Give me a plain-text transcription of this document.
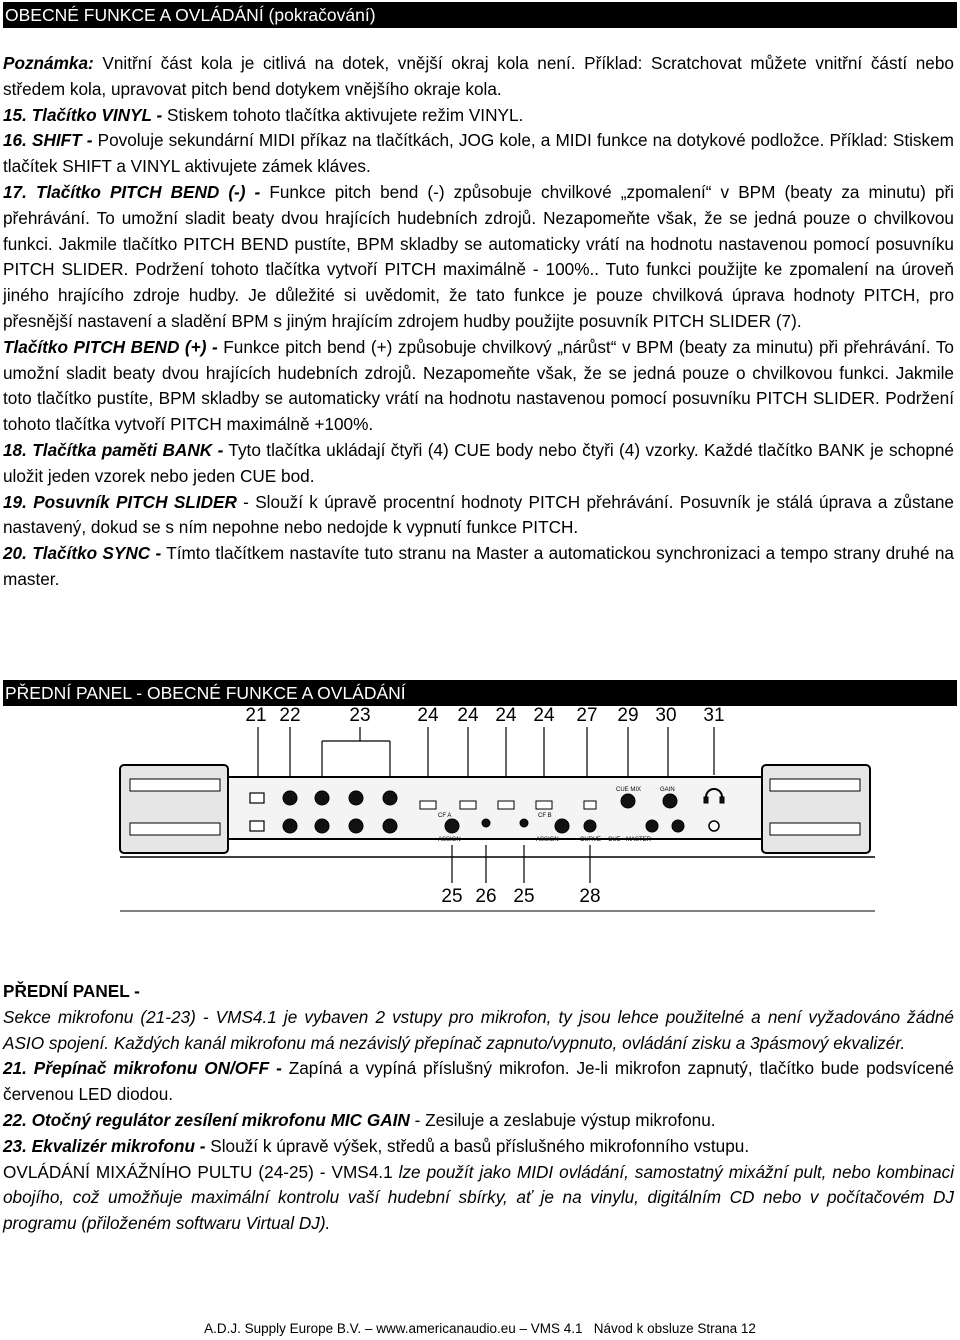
OBECNÉ FUNKCE A OVLÁDÁNÍ (pokračování)

Poznámka: Vnitřní část kola je citlivá na dotek, vnější okraj kola není. Příklad: Scratchovat můžete vnitřní částí nebo středem kola, upravovat pitch bend dotykem vnějšího okraje kola.

15. Tlačítko VINYL - Stiskem tohoto tlačítka aktivujete režim VINYL.

16. SHIFT - Povoluje sekundární MIDI příkaz na tlačítkách, JOG kole, a MIDI funkce na dotykové podložce. Příklad: Stiskem tlačítek SHIFT a VINYL aktivujete zámek kláves.

17. Tlačítko PITCH BEND (-) - Funkce pitch bend (-) způsobuje chvilkové „zpomalení“ v BPM (beaty za minutu) při přehrávání. To umožní sladit beaty dvou hrajících hudebních zdrojů. Nezapomeňte však, že se jedná pouze o chvilkovou funkci. Jakmile tlačítko PITCH BEND pustíte, BPM skladby se automaticky vrátí na hodnotu nastavenou pomocí posuvníku PITCH SLIDER. Podržení tohoto tlačítka vytvoří PITCH maximálně - 100%.. Tuto funkci použijte ke zpomalení na úroveň jiného hrajícího zdroje hudby. Je důležité si uvědomit, že tato funkce je pouze chvilková úprava hodnoty PITCH, pro přesnější nastavení a sladění BPM s jiným hrajícím zdrojem hudby použijte posuvník PITCH SLIDER (7).

Tlačítko PITCH BEND (+) - Funkce pitch bend (+) způsobuje chvilkový „nárůst“ v BPM (beaty za minutu) při přehrávání. To umožní sladit beaty dvou hrajících hudebních zdrojů. Nezapomeňte však, že se jedná pouze o chvilkovou funkci. Jakmile toto tlačítko pustíte, BPM skladby se automaticky vrátí na hodnotu nastavenou pomocí posuvníku PITCH SLIDER. Podržení tohoto tlačítka vytvoří PITCH maximálně +100%.

18. Tlačítka paměti BANK - Tyto tlačítka ukládají čtyři (4) CUE body nebo čtyři (4) vzorky. Každé tlačítko BANK je schopné uložit jeden vzorek nebo jeden CUE bod.

19. Posuvník PITCH SLIDER - Slouží k úpravě procentní hodnoty PITCH přehrávání. Posuvník je stálá úprava a zůstane nastavený, dokud se s ním nepohne nebo nedojde k vypnutí funkce PITCH.

20. Tlačítko SYNC - Tímto tlačítkem nastavíte tuto stranu na Master a automatickou synchronizaci a tempo strany druhé na master.

PŘEDNÍ PANEL - OBECNÉ FUNKCE A OVLÁDÁNÍ
CF A	CF B
ASSIGN	ASSIGN	CURVE CUE MASTER
CUE MIX	GAIN
21 22	23	24 24 24 24	27	29 30	31
25 26 25	28

PŘEDNÍ PANEL -

Sekce mikrofonu (21-23) - VMS4.1 je vybaven 2 vstupy pro mikrofon, ty jsou lehce použitelné a není vyžadováno žádné ASIO spojení. Každých kanál mikrofonu má nezávislý přepínač zapnuto/vypnuto, ovládání zisku a 3pásmový ekvalizér.

21. Přepínač mikrofonu ON/OFF - Zapíná a vypíná příslušný mikrofon. Je-li mikrofon zapnutý, tlačítko bude podsvícené červenou LED diodou.

22. Otočný regulátor zesílení mikrofonu MIC GAIN - Zesiluje a zeslabuje výstup mikrofonu.

23. Ekvalizér mikrofonu - Slouží k úpravě výšek, středů a basů příslušného mikrofonního vstupu.

OVLÁDÁNÍ MIXÁŽNÍHO PULTU (24-25) - VMS4.1 lze použít jako MIDI ovládání, samostatný mixážní pult, nebo kombinaci obojího, což umožňuje maximální kontrolu vaší hudební sbírky, ať je na vinylu, digitálním CD nebo v počítačovém DJ programu (přiloženém softwaru Virtual DJ).

A.D.J. Supply Europe B.V. – www.americanaudio.eu – VMS 4.1   Návod k obsluze Strana 12
